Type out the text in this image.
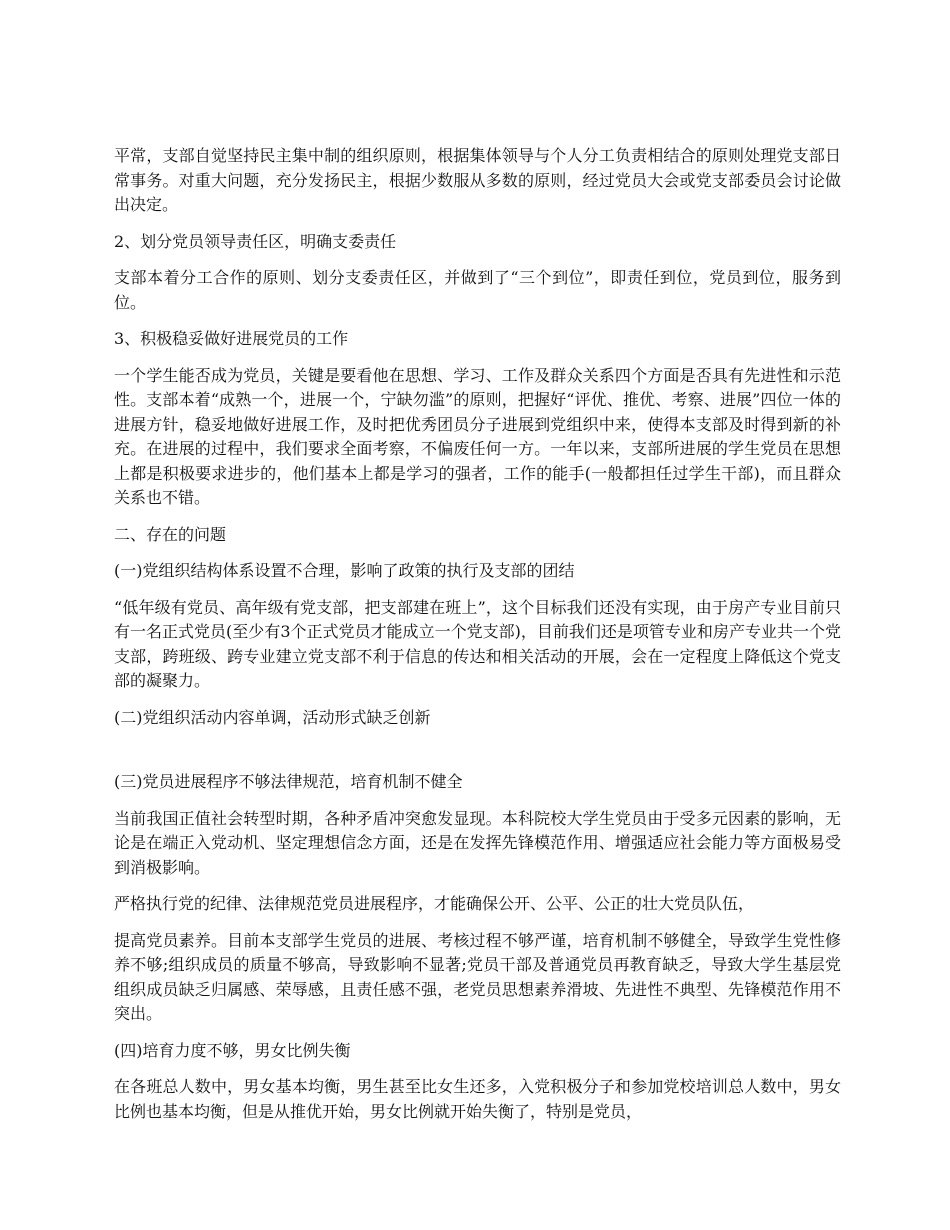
平常，支部自觉坚持民主集中制的组织原则，根据集体领导与个人分工负责相结合的原则处理党支部日常事务。对重大问题，充分发扬民主，根据少数服从多数的原则，经过党员大会或党支部委员会讨论做出决定。

2、划分党员领导责任区，明确支委责任

支部本着分工合作的原则、划分支委责任区，并做到了“三个到位”，即责任到位，党员到位，服务到位。

3、积极稳妥做好进展党员的工作

一个学生能否成为党员，关键是要看他在思想、学习、工作及群众关系四个方面是否具有先进性和示范性。支部本着“成熟一个，进展一个，宁缺勿滥”的原则，把握好“评优、推优、考察、进展”四位一体的进展方针，稳妥地做好进展工作，及时把优秀团员分子进展到党组织中来，使得本支部及时得到新的补充。在进展的过程中，我们要求全面考察，不偏废任何一方。一年以来，支部所进展的学生党员在思想上都是积极要求进步的，他们基本上都是学习的强者，工作的能手(一般都担任过学生干部)，而且群众关系也不错。

二、存在的问题

(一)党组织结构体系设置不合理，影响了政策的执行及支部的团结

“低年级有党员、高年级有党支部，把支部建在班上”，这个目标我们还没有实现，由于房产专业目前只有一名正式党员(至少有3个正式党员才能成立一个党支部)，目前我们还是项管专业和房产专业共一个党支部，跨班级、跨专业建立党支部不利于信息的传达和相关活动的开展，会在一定程度上降低这个党支部的凝聚力。

(二)党组织活动内容单调，活动形式缺乏创新

(三)党员进展程序不够法律规范，培育机制不健全

当前我国正值社会转型时期，各种矛盾冲突愈发显现。本科院校大学生党员由于受多元因素的影响，无论是在端正入党动机、坚定理想信念方面，还是在发挥先锋模范作用、增强适应社会能力等方面极易受到消极影响。

严格执行党的纪律、法律规范党员进展程序，才能确保公开、公平、公正的壮大党员队伍，

提高党员素养。目前本支部学生党员的进展、考核过程不够严谨，培育机制不够健全，导致学生党性修养不够;组织成员的质量不够高，导致影响不显著;党员干部及普通党员再教育缺乏，导致大学生基层党组织成员缺乏归属感、荣辱感，且责任感不强，老党员思想素养滑坡、先进性不典型、先锋模范作用不突出。

(四)培育力度不够，男女比例失衡

在各班总人数中，男女基本均衡，男生甚至比女生还多，入党积极分子和参加党校培训总人数中，男女比例也基本均衡，但是从推优开始，男女比例就开始失衡了，特别是党员，
